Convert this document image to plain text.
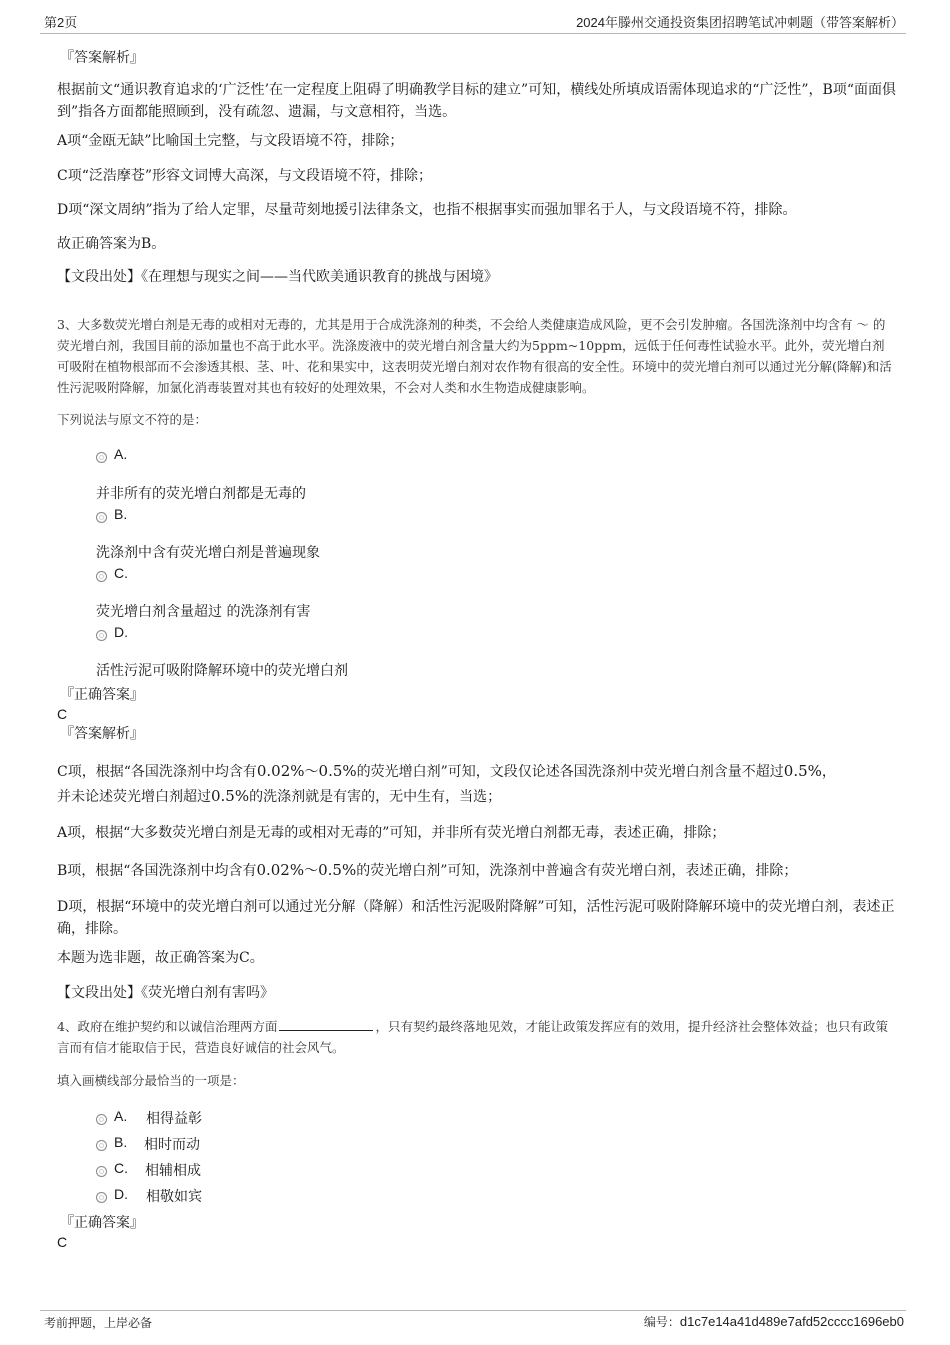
第2页	2024年滕州交通投资集团招聘笔试冲刺题（带答案解析）
『答案解析』

根据前文“通识教育追求的‘广泛性’在一定程度上阻碍了明确教学目标的建立”可知，横线处所填成语需体现追求的“广泛性”，B项“面面俱到”指各方面都能照顾到，没有疏忽、遗漏，与文意相符，当选。

A项“金瓯无缺”比喻国土完整，与文段语境不符，排除；

C项“泛浩摩苍”形容文词博大高深，与文段语境不符，排除；

D项“深文周纳”指为了给人定罪，尽量苛刻地援引法律条文，也指不根据事实而强加罪名于人，与文段语境不符，排除。

故正确答案为B。

【文段出处】《在理想与现实之间——当代欧美通识教育的挑战与困境》

3、大多数荧光增白剂是无毒的或相对无毒的，尤其是用于合成洗涤剂的种类，不会给人类健康造成风险，更不会引发肿瘤。各国洗涤剂中均含有 ～ 的荧光增白剂，我国目前的添加量也不高于此水平。洗涤废液中的荧光增白剂含量大约为5ppm~10ppm，远低于任何毒性试验水平。此外，荧光增白剂可吸附在植物根部而不会渗透其根、茎、叶、花和果实中，这表明荧光增白剂对农作物有很高的安全性。环境中的荧光增白剂可以通过光分解(降解)和活性污泥吸附降解，加氯化消毒装置对其也有较好的处理效果，不会对人类和水生物造成健康影响。

下列说法与原文不符的是：

A.
并非所有的荧光增白剂都是无毒的
B.
洗涤剂中含有荧光增白剂是普遍现象
C.
荧光增白剂含量超过 的洗涤剂有害
D.
活性污泥可吸附降解环境中的荧光增白剂
『正确答案』
C
『答案解析』

C项，根据“各国洗涤剂中均含有0.02%～0.5%的荧光增白剂”可知，文段仅论述各国洗涤剂中荧光增白剂含量不超过0.5%，
并未论述荧光增白剂超过0.5%的洗涤剂就是有害的，无中生有，当选；

A项，根据“大多数荧光增白剂是无毒的或相对无毒的”可知，并非所有荧光增白剂都无毒，表述正确，排除；

B项，根据“各国洗涤剂中均含有0.02%～0.5%的荧光增白剂”可知，洗涤剂中普遍含有荧光增白剂，表述正确，排除；

D项，根据“环境中的荧光增白剂可以通过光分解（降解）和活性污泥吸附降解”可知，活性污泥可吸附降解环境中的荧光增白剂，表述正确，排除。

本题为选非题，故正确答案为C。

【文段出处】《荧光增白剂有害吗》

4、政府在维护契约和以诚信治理两方面	，只有契约最终落地见效，才能让政策发挥应有的效用，提升经济社会整体效益；也只有政策言而有信才能取信于民，营造良好诚信的社会风气。

填入画横线部分最恰当的一项是：

A. 相得益彰
B. 相时而动
C. 相辅相成
D. 相敬如宾
『正确答案』
C
考前押题，上岸必备	编号：d1c7e14a41d489e7afd52cccc1696eb0
